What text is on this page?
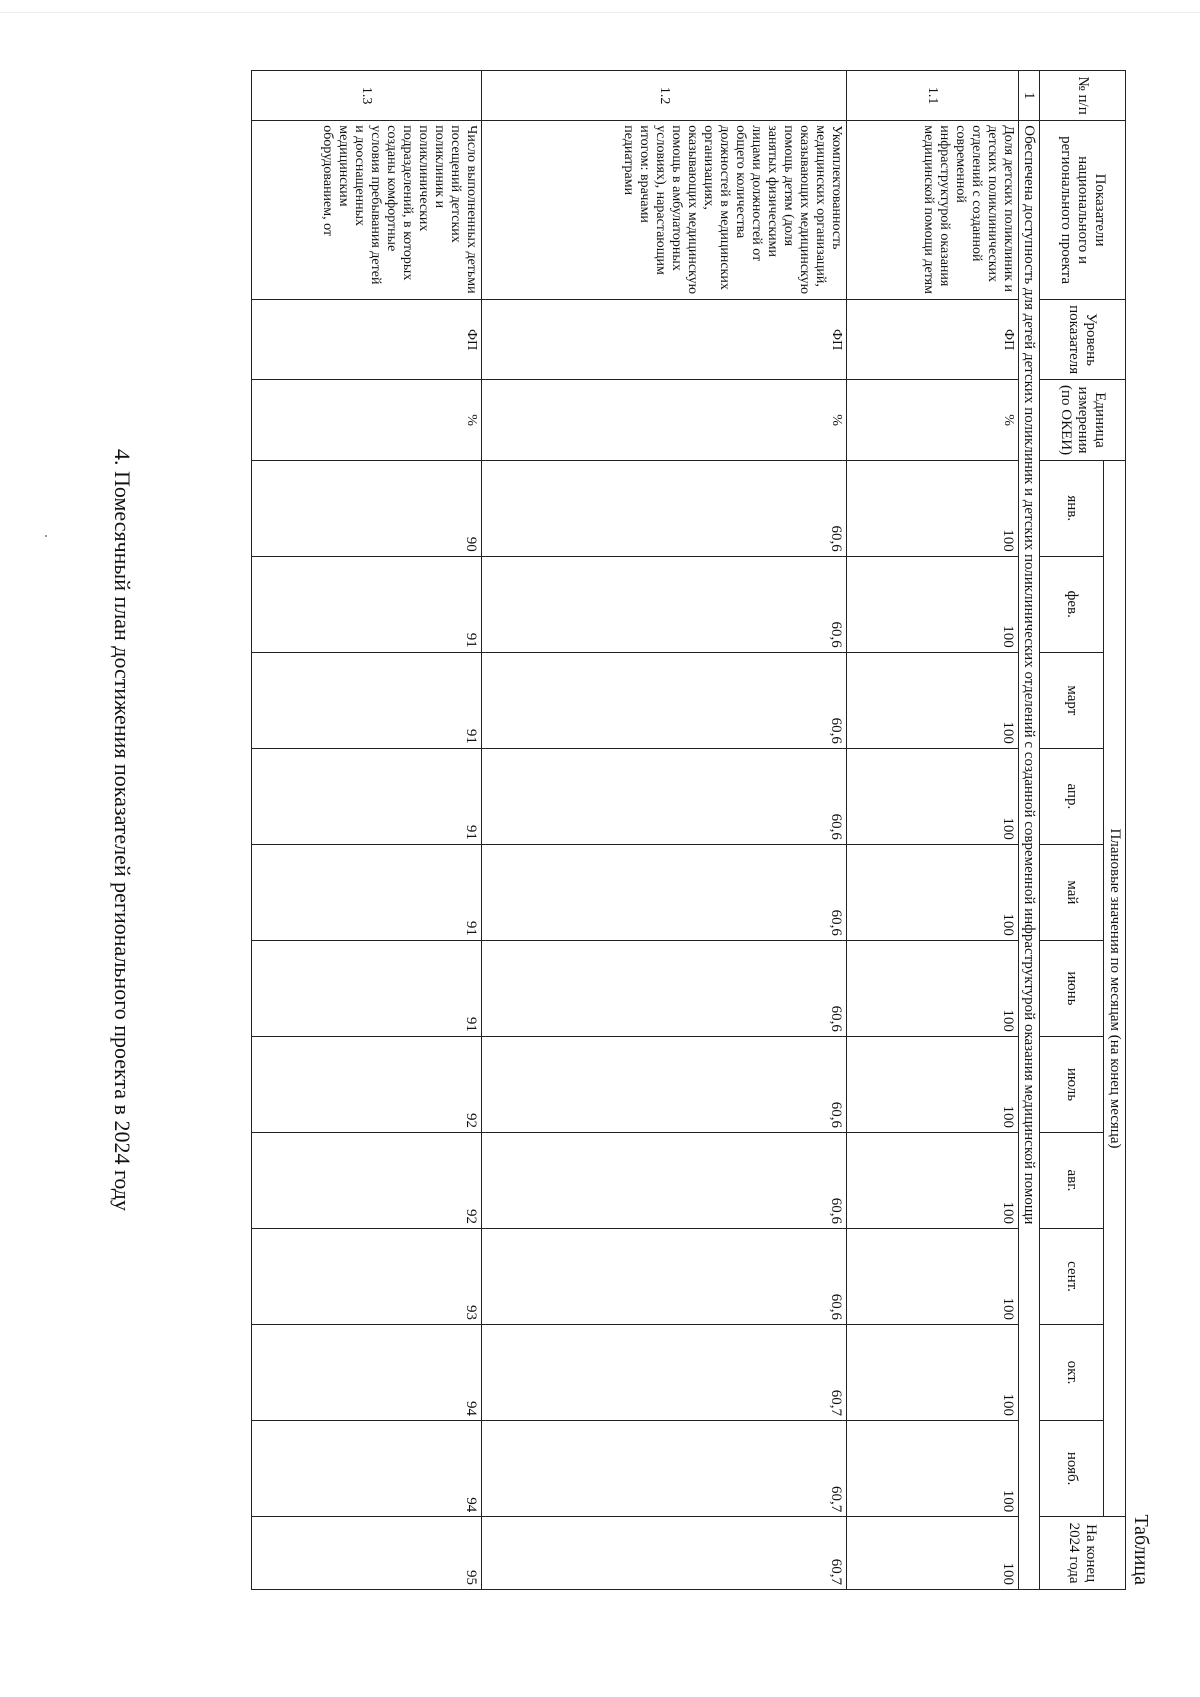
Таблица
№ п/п	Показатели национального и регионального проекта	Уровень показателя	Единица измерения (по ОКЕИ)	Плановые значения по месяцам (на конец месяца)											На конец 2024 года
				янв.	фев.	март	апр.	май	июнь	июль	авг.	сент.	окт.	нояб.	
1	Обеспечена доступность для детей детских поликлиник и детских поликлинических отделений с созданной современной инфраструктурой оказания медицинской помощи														
1.1	Доля детских поликлиник и детских поликлинических отделений с созданной современной инфраструктурой оказания медицинской помощи детям	ФП	%	100	100	100	100	100	100	100	100	100	100	100	100
1.2	Укомплектованность медицинских организаций, оказывающих медицинскую помощь детям (доля занятых физическими лицами должностей от общего количества должностей в медицинских организациях, оказывающих медицинскую помощь в амбулаторных условиях), нарастающим итогом: врачами педиатрами	ФП	%	60,6	60,6	60,6	60,6	60,6	60,6	60,6	60,6	60,6	60,7	60,7	60,7
1.3	Число выполненных детьми посещений детских поликлиник и поликлинических подразделений, в которых созданы комфортные условия пребывания детей и дооснащенных медицинским оборудованием, от	ФП	%	90	91	91	91	91	91	92	92	93	94	94	95
4. Помесячный план достижения показателей регионального проекта в 2024 году
